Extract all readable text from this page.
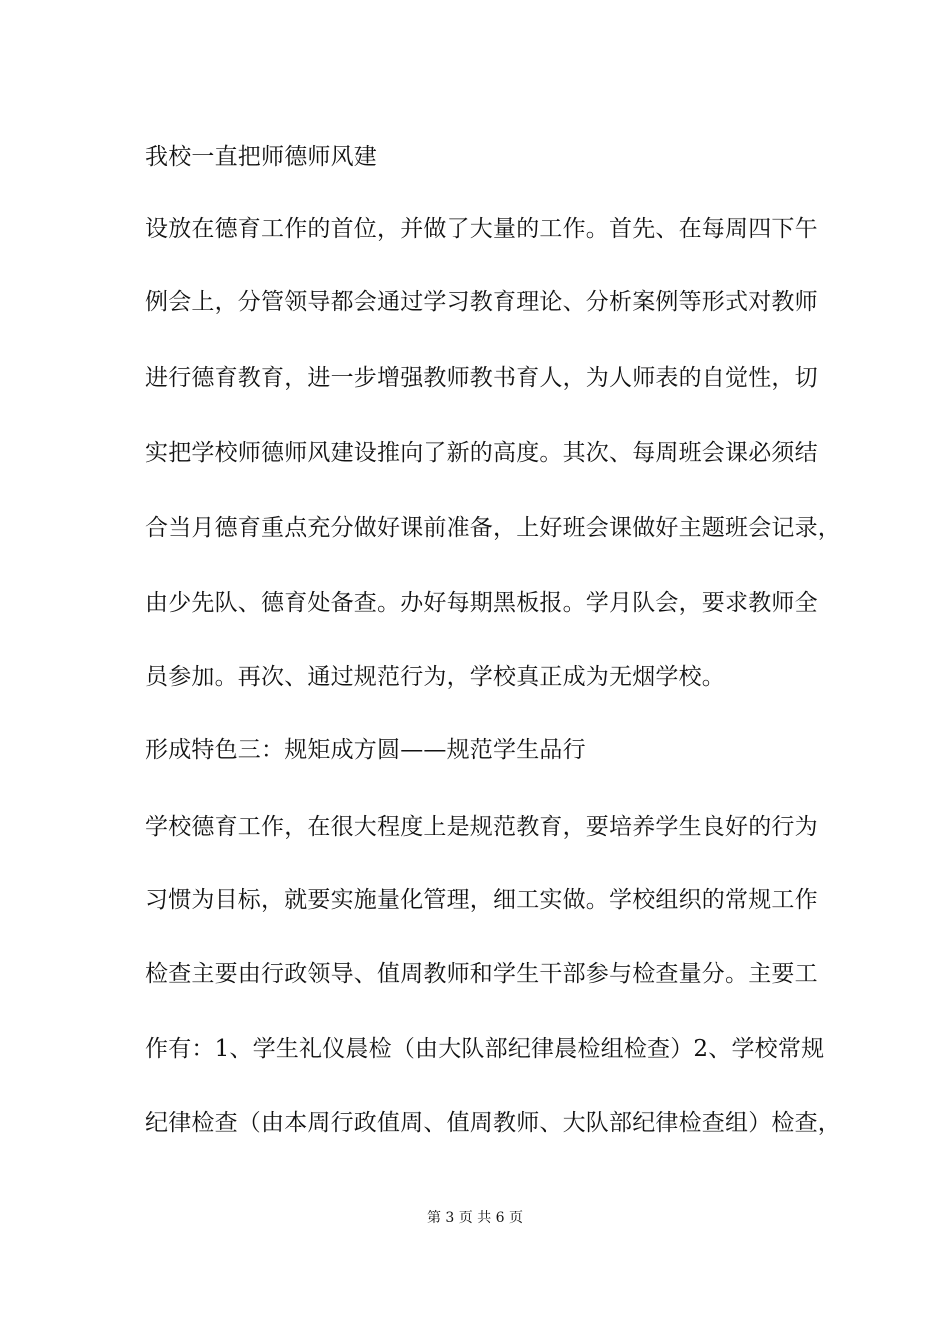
我校一直把师德师风建
设放在德育工作的首位，并做了大量的工作。首先、在每周四下午
例会上，分管领导都会通过学习教育理论、分析案例等形式对教师
进行德育教育，进一步增强教师教书育人，为人师表的自觉性，切
实把学校师德师风建设推向了新的高度。其次、每周班会课必须结
合当月德育重点充分做好课前准备，上好班会课做好主题班会记录，
由少先队、德育处备查。办好每期黑板报。学月队会，要求教师全
员参加。再次、通过规范行为，学校真正成为无烟学校。
形成特色三：规矩成方圆——规范学生品行
学校德育工作，在很大程度上是规范教育，要培养学生良好的行为
习惯为目标，就要实施量化管理，细工实做。学校组织的常规工作
检查主要由行政领导、值周教师和学生干部参与检查量分。主要工
作有：1、学生礼仪晨检（由大队部纪律晨检组检查）2、学校常规
纪律检查（由本周行政值周、值周教师、大队部纪律检查组）检查，
第 3 页 共 6 页
